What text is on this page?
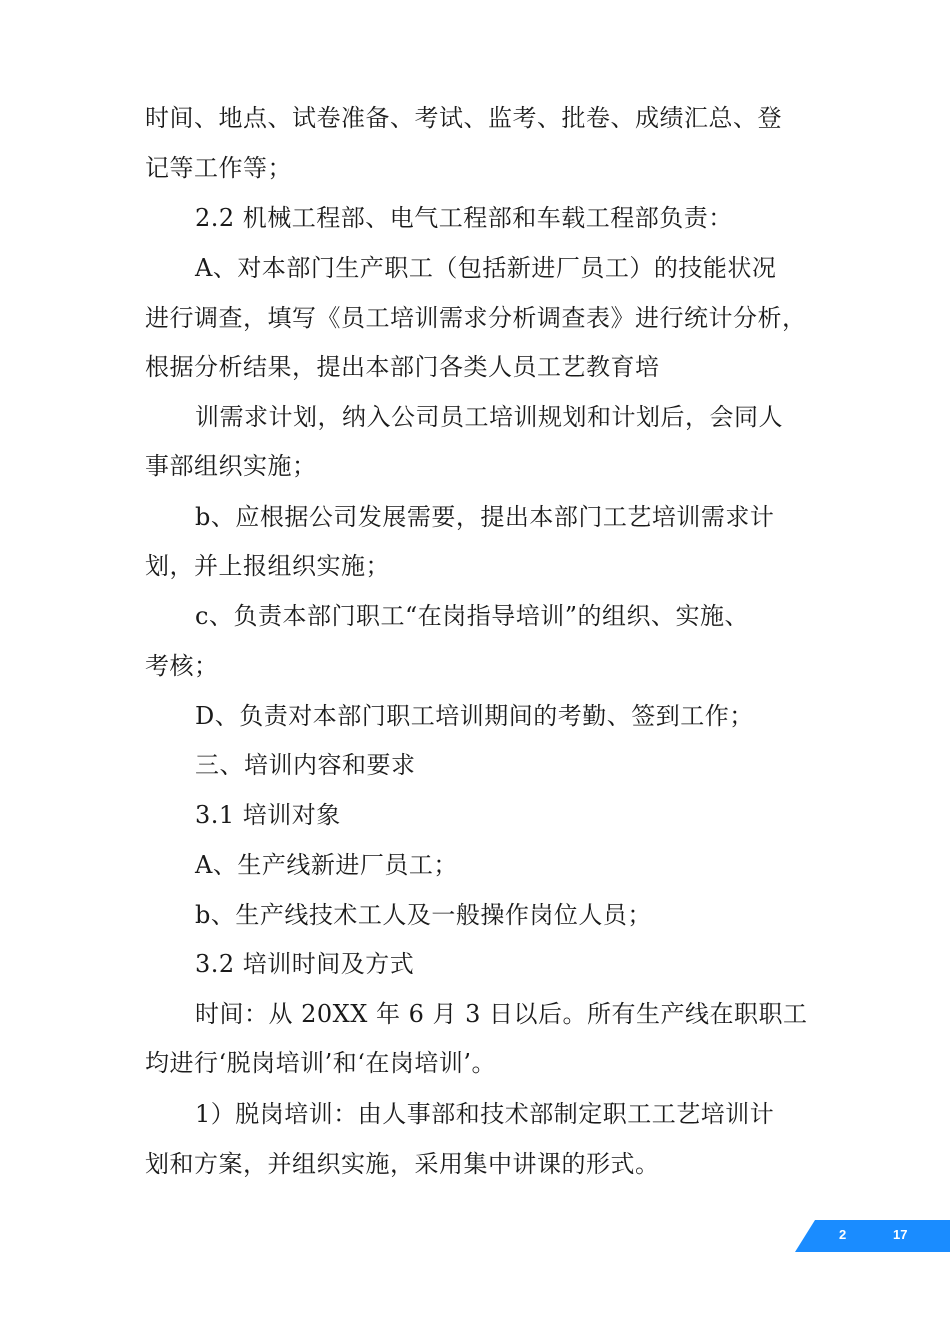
时间、地点、试卷准备、考试、监考、批卷、成绩汇总、登
记等工作等；
2.2 机械工程部、电气工程部和车载工程部负责：
A、对本部门生产职工（包括新进厂员工）的技能状况
进行调查，填写《员工培训需求分析调查表》进行统计分析，
根据分析结果，提出本部门各类人员工艺教育培
训需求计划，纳入公司员工培训规划和计划后，会同人
事部组织实施；
b、应根据公司发展需要，提出本部门工艺培训需求计
划，并上报组织实施；
c、负责本部门职工“在岗指导培训”的组织、实施、
考核；
D、负责对本部门职工培训期间的考勤、签到工作；
三、培训内容和要求
3.1 培训对象
A、生产线新进厂员工；
b、生产线技术工人及一般操作岗位人员；
3.2 培训时间及方式
时间：从 20XX 年 6 月 3 日以后。所有生产线在职职工
均进行‘脱岗培训’和‘在岗培训’。
1）脱岗培训：由人事部和技术部制定职工工艺培训计
划和方案，并组织实施，采用集中讲课的形式。
2	17
